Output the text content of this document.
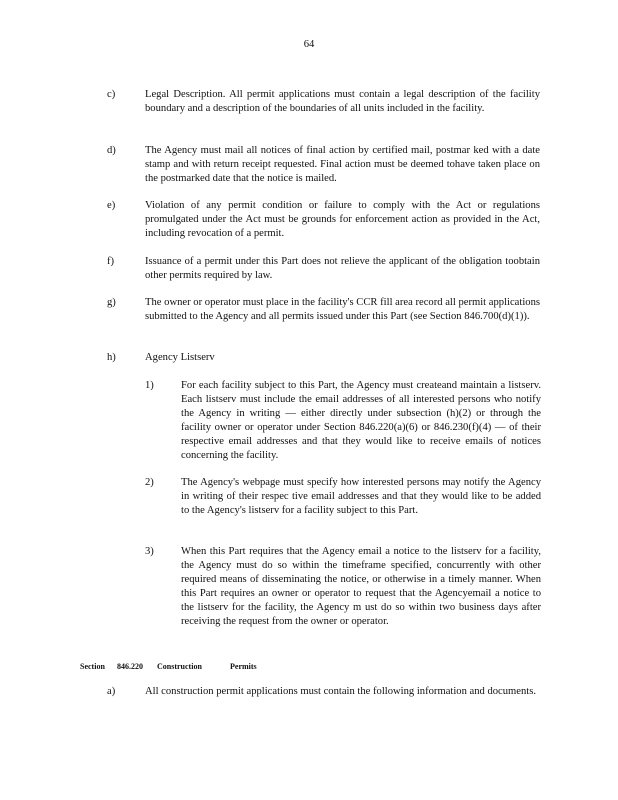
64
c)	Legal Description. All permit applications must contain a legal description of the facility boundary and a description of the boundaries of all units included in the facility.
d)	The Agency must mail all notices of final action by certified mail, postmar ked with a date stamp and with return receipt requested. Final action must be deemed tohave taken place on the postmarked date that the notice is mailed.
e)	Violation of any permit condition or failure to comply with the Act or regulations promulgated under the Act must be grounds for enforcement action as provided in the Act, including revocation of a permit.
f)	Issuance of a permit under this Part does not relieve the applicant of the obligation toobtain other permits required by law.
g)	The owner or operator must place in the facility's CCR fill area record all permit applications submitted to the Agency and all permits issued under this Part (see Section 846.700(d)(1)).
h)	Agency Listserv
1)	For each facility subject to this Part, the Agency must createand maintain a listserv. Each listserv must include the email addresses of all interested persons who notify the Agency in writing — either directly under subsection (h)(2) or through the facility owner or operator under Section 846.220(a)(6) or 846.230(f)(4) — of their respective email addresses and that they would like to receive emails of notices concerning the facility.
2)	The Agency's webpage must specify how interested persons may notify the Agency in writing of their respec tive email addresses and that they would like to be added to the Agency's listserv for a facility subject to this Part.
3)	When this Part requires that the Agency email a notice to the listserv for a facility, the Agency must do so within the timeframe specified, concurrently with other required means of disseminating the notice, or otherwise in a timely manner. When this Part requires an owner or operator to request that the Agencyemail a notice to the listserv for the facility, the Agency m ust do so within two business days after receiving the request from the owner or operator.
Section 846.220 Construction	Permits
a)	All construction permit applications must contain the following information and documents.
